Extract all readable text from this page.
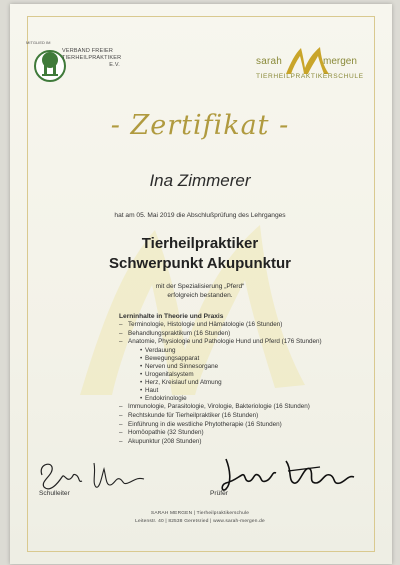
MITGLIED IM
VERBAND FREIER
TIERHEILPRAKTIKER
E.V.	sarah	mergen
TIERHEILPRAKTIKERSCHULE
- Zertifikat -
Ina Zimmerer
hat am 05. Mai 2019 die Abschlußprüfung des Lehrganges
Tierheilpraktiker
Schwerpunkt Akupunktur
mit der Spezialisierung „Pferd“
erfolgreich bestanden.
Lerninhalte in Theorie und Praxis
– Terminologie, Histologie und Hämatologie (16 Stunden)
– Behandlungspraktikum (16 Stunden)
– Anatomie, Physiologie und Pathologie Hund und Pferd (176 Stunden)
• Verdauung
• Bewegungsapparat
• Nerven und Sinnesorgane
• Urogenitalsystem
• Herz, Kreislauf und Atmung
• Haut
• Endokrinologie
– Immunologie, Parasitologie, Virologie, Bakteriologie (16 Stunden)
– Rechtskunde für Tierheilpraktiker (16 Stunden)
– Einführung in die westliche Phytotherapie (16 Stunden)
– Homöopathie (32 Stunden)
– Akupunktur (208 Stunden)
Schulleiter	Prüfer
SARAH MERGEN | Tierheilpraktikerschule
Leitenstr. 40 | 82538 Geretsried | www.sarah-mergen.de
